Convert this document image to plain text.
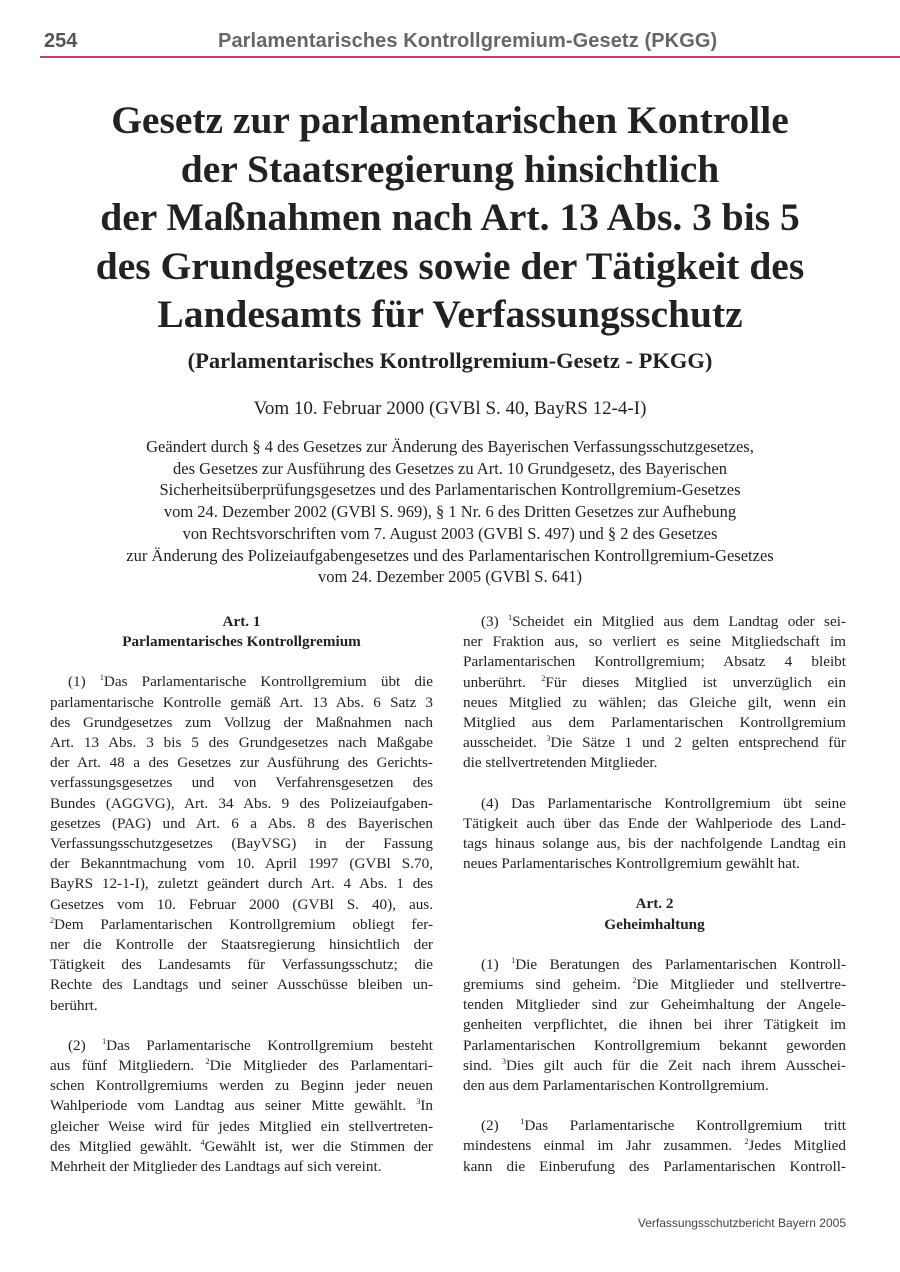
254	Parlamentarisches Kontrollgremium-Gesetz (PKGG)
Gesetz zur parlamentarischen Kontrolle
der Staatsregierung hinsichtlich
der Maßnahmen nach Art. 13 Abs. 3 bis 5
des Grundgesetzes sowie der Tätigkeit des
Landesamts für Verfassungsschutz
(Parlamentarisches Kontrollgremium-Gesetz - PKGG)
Vom 10. Februar 2000 (GVBl S. 40, BayRS 12-4-I)
Geändert durch § 4 des Gesetzes zur Änderung des Bayerischen Verfassungsschutzgesetzes,
des Gesetzes zur Ausführung des Gesetzes zu Art. 10 Grundgesetz, des Bayerischen
Sicherheitsüberprüfungsgesetzes und des Parlamentarischen Kontrollgremium-Gesetzes
vom 24. Dezember 2002 (GVBl S. 969), § 1 Nr. 6 des Dritten Gesetzes zur Aufhebung
von Rechtsvorschriften vom 7. August 2003 (GVBl S. 497) und § 2 des Gesetzes
zur Änderung des Polizeiaufgabengesetzes und des Parlamentarischen Kontrollgremium-Gesetzes
vom 24. Dezember 2005 (GVBl S. 641)
Art. 1
Parlamentarisches Kontrollgremium
(1) $^1$Das Parlamentarische Kontrollgremium übt die
parlamentarische Kontrolle gemäß Art. 13 Abs. 6 Satz 3
des Grundgesetzes zum Vollzug der Maßnahmen nach
Art. 13 Abs. 3 bis 5 des Grundgesetzes nach Maßgabe
der Art. 48 a des Gesetzes zur Ausführung des Gerichts-
verfassungsgesetzes und von Verfahrensgesetzen des
Bundes (AGGVG), Art. 34 Abs. 9 des Polizeiaufgaben-
gesetzes (PAG) und Art. 6 a Abs. 8 des Bayerischen
Verfassungsschutzgesetzes (BayVSG) in der Fassung
der Bekanntmachung vom 10. April 1997 (GVBl S.70,
BayRS 12-1-I), zuletzt geändert durch Art. 4 Abs. 1 des
Gesetzes vom 10. Februar 2000 (GVBl S. 40), aus.
$^2$Dem Parlamentarischen Kontrollgremium obliegt fer-
ner die Kontrolle der Staatsregierung hinsichtlich der
Tätigkeit des Landesamts für Verfassungsschutz; die
Rechte des Landtags und seiner Ausschüsse bleiben un-
berührt.
(2) $^1$Das Parlamentarische Kontrollgremium besteht
aus fünf Mitgliedern. $^2$Die Mitglieder des Parlamentari-
schen Kontrollgremiums werden zu Beginn jeder neuen
Wahlperiode vom Landtag aus seiner Mitte gewählt. $^3$In
gleicher Weise wird für jedes Mitglied ein stellvertreten-
des Mitglied gewählt. $^4$Gewählt ist, wer die Stimmen der
Mehrheit der Mitglieder des Landtags auf sich vereint.
(3) $^1$Scheidet ein Mitglied aus dem Landtag oder sei-
ner Fraktion aus, so verliert es seine Mitgliedschaft im
Parlamentarischen Kontrollgremium; Absatz 4 bleibt
unberührt. $^2$Für dieses Mitglied ist unverzüglich ein
neues Mitglied zu wählen; das Gleiche gilt, wenn ein
Mitglied aus dem Parlamentarischen Kontrollgremium
ausscheidet. $^3$Die Sätze 1 und 2 gelten entsprechend für
die stellvertretenden Mitglieder.
(4) Das Parlamentarische Kontrollgremium übt seine
Tätigkeit auch über das Ende der Wahlperiode des Land-
tags hinaus solange aus, bis der nachfolgende Landtag ein
neues Parlamentarisches Kontrollgremium gewählt hat.
Art. 2
Geheimhaltung
(1) $^1$Die Beratungen des Parlamentarischen Kontroll-
gremiums sind geheim. $^2$Die Mitglieder und stellvertre-
tenden Mitglieder sind zur Geheimhaltung der Angele-
genheiten verpflichtet, die ihnen bei ihrer Tätigkeit im
Parlamentarischen Kontrollgremium bekannt geworden
sind. $^3$Dies gilt auch für die Zeit nach ihrem Ausschei-
den aus dem Parlamentarischen Kontrollgremium.
(2) $^1$Das Parlamentarische Kontrollgremium tritt
mindestens einmal im Jahr zusammen. $^2$Jedes Mitglied
kann die Einberufung des Parlamentarischen Kontroll-
Verfassungsschutzbericht Bayern 2005
